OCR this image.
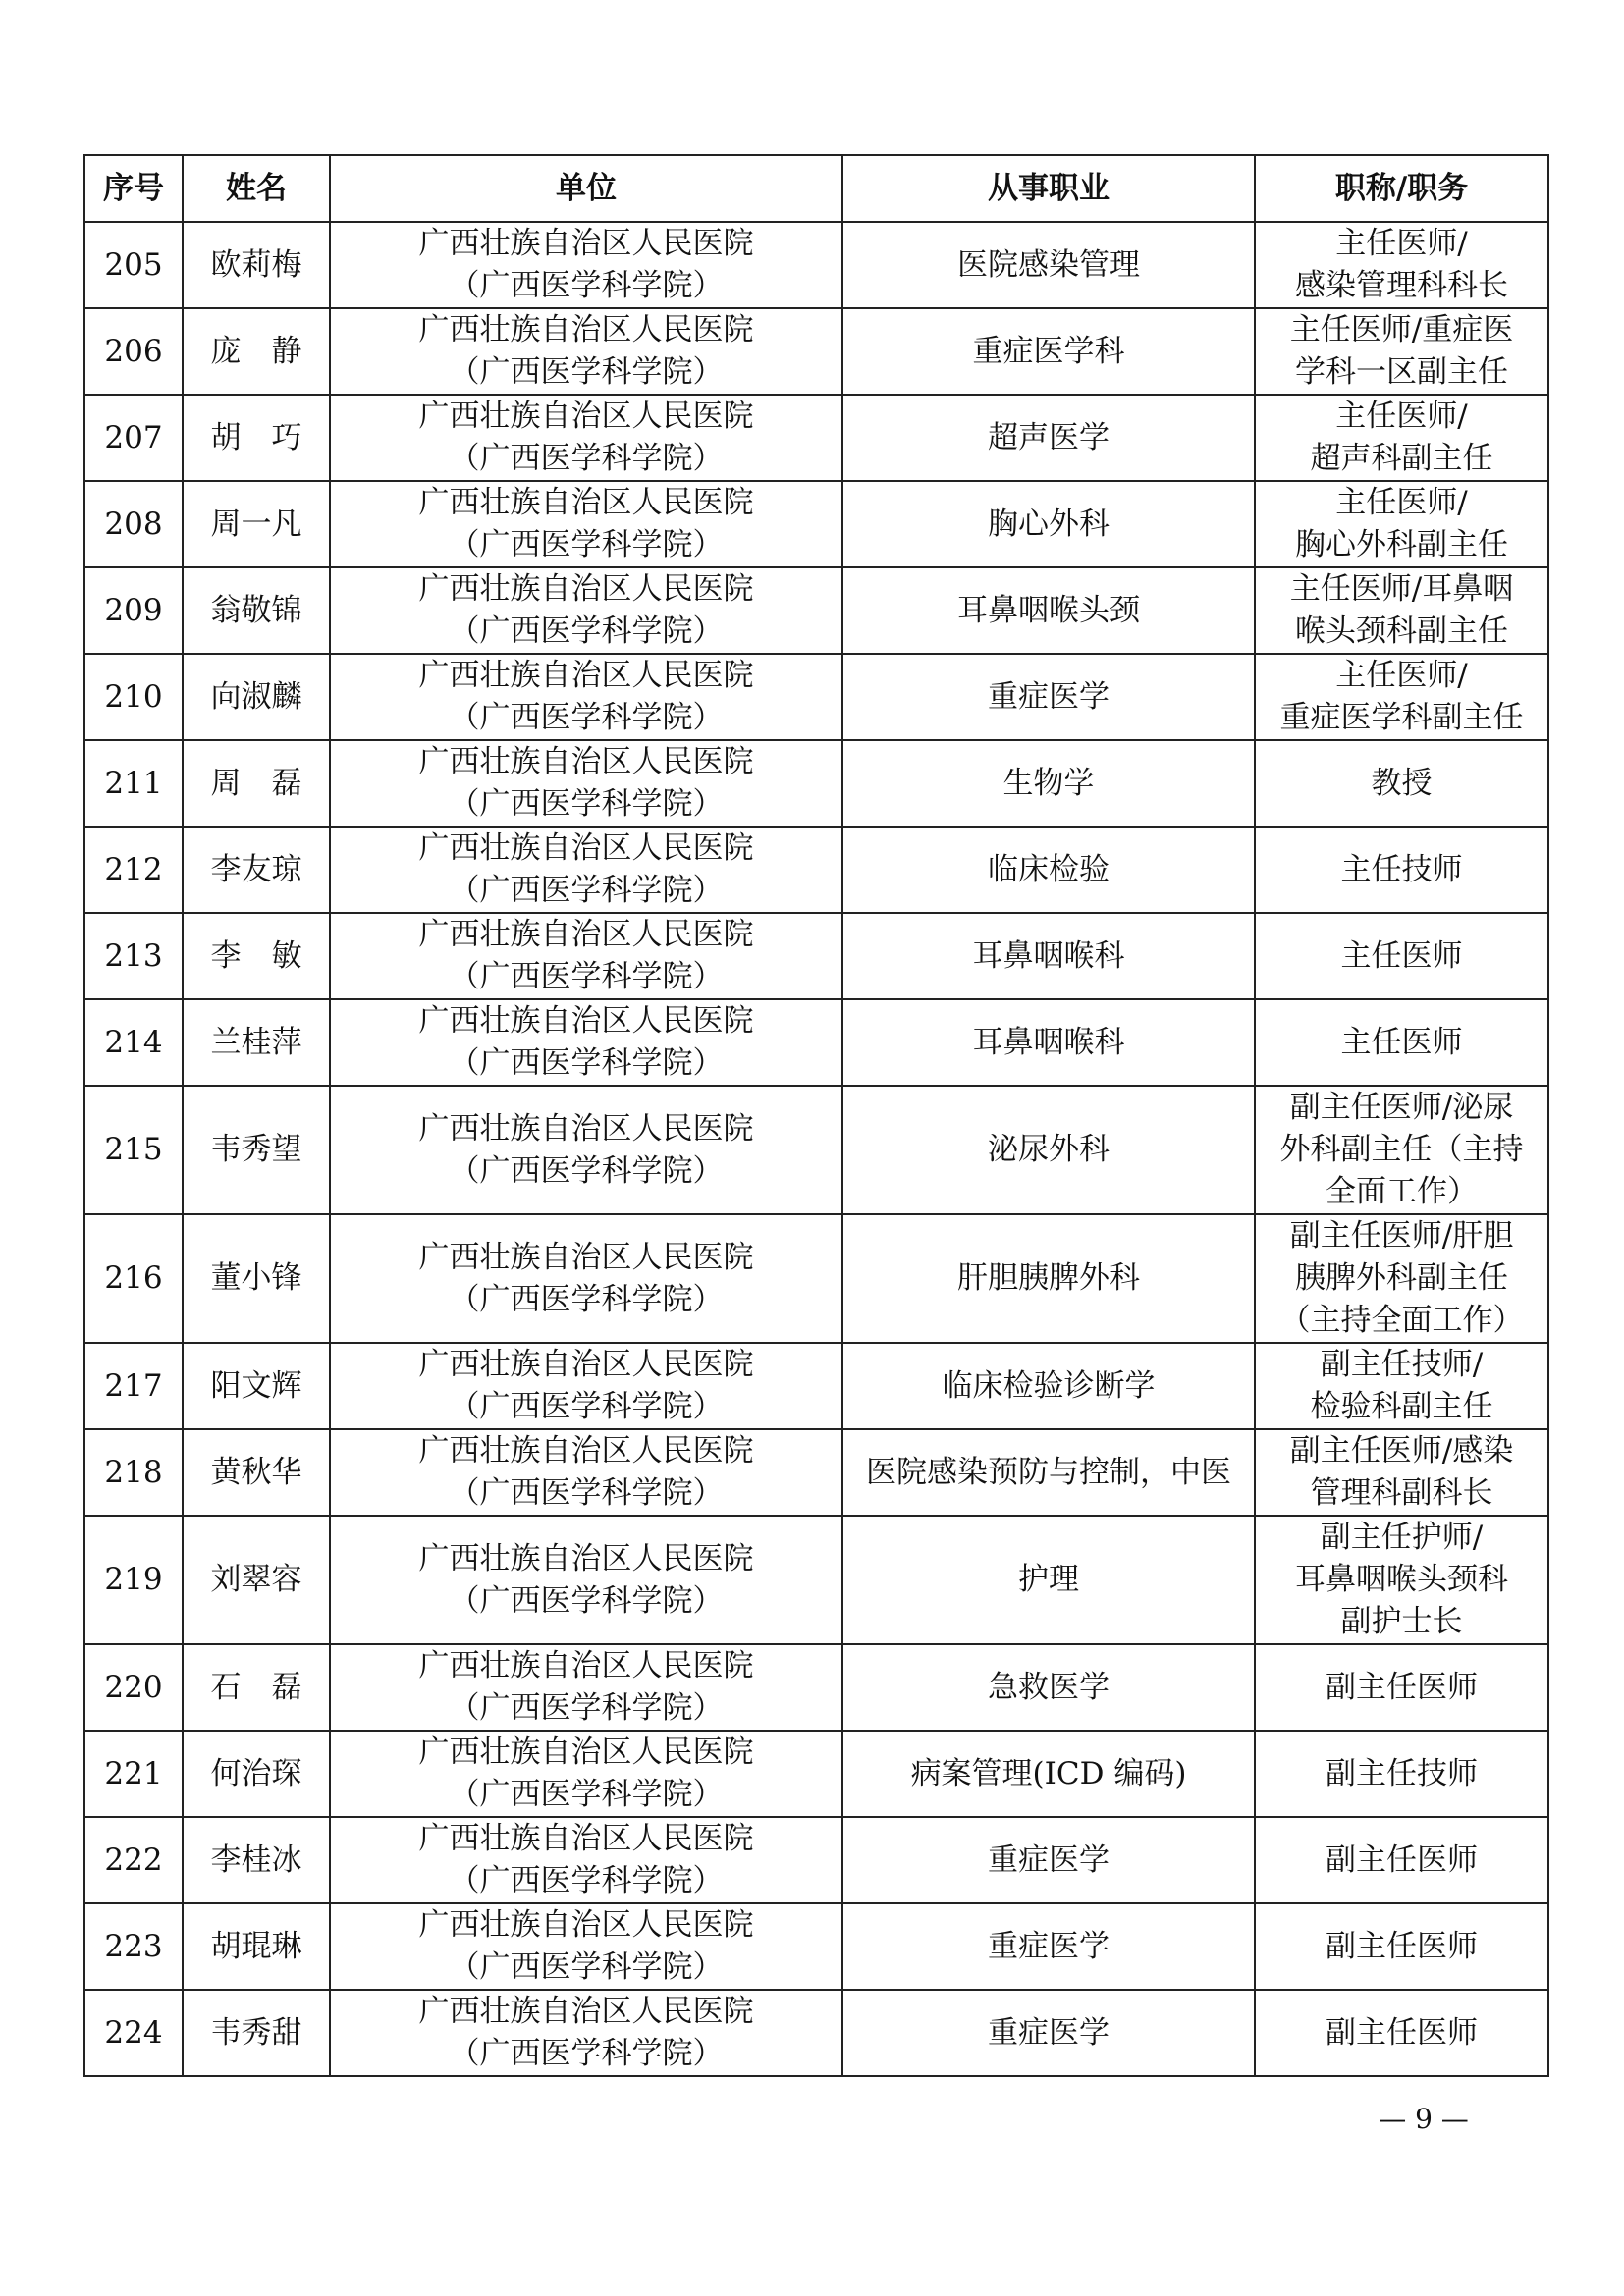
序号	姓名	单位	从事职业	职称/职务

205	欧莉梅	广西壮族自治区人民医院
（广西医学科学院）	医院感染管理	主任医师/
感染管理科科长

206	庞　静	广西壮族自治区人民医院
（广西医学科学院）	重症医学科	主任医师/重症医
学科一区副主任

207	胡　巧	广西壮族自治区人民医院
（广西医学科学院）	超声医学	主任医师/
超声科副主任

208	周一凡	广西壮族自治区人民医院
（广西医学科学院）	胸心外科	主任医师/
胸心外科副主任

209	翁敬锦	广西壮族自治区人民医院
（广西医学科学院）	耳鼻咽喉头颈	主任医师/耳鼻咽
喉头颈科副主任

210	向淑麟	广西壮族自治区人民医院
（广西医学科学院）	重症医学	主任医师/
重症医学科副主任

211	周　磊	广西壮族自治区人民医院
（广西医学科学院）	生物学	教授

212	李友琼	广西壮族自治区人民医院
（广西医学科学院）	临床检验	主任技师

213	李　敏	广西壮族自治区人民医院
（广西医学科学院）	耳鼻咽喉科	主任医师

214	兰桂萍	广西壮族自治区人民医院
（广西医学科学院）	耳鼻咽喉科	主任医师

215	韦秀望	广西壮族自治区人民医院
（广西医学科学院）	泌尿外科	副主任医师/泌尿
外科副主任（主持
全面工作）

216	董小锋	广西壮族自治区人民医院
（广西医学科学院）	肝胆胰脾外科	副主任医师/肝胆
胰脾外科副主任
（主持全面工作）

217	阳文辉	广西壮族自治区人民医院
（广西医学科学院）	临床检验诊断学	副主任技师/
检验科副主任

218	黄秋华	广西壮族自治区人民医院
（广西医学科学院）	医院感染预防与控制，中医	副主任医师/感染
管理科副科长

219	刘翠容	广西壮族自治区人民医院
（广西医学科学院）	护理	副主任护师/
耳鼻咽喉头颈科
副护士长

220	石　磊	广西壮族自治区人民医院
（广西医学科学院）	急救医学	副主任医师

221	何治琛	广西壮族自治区人民医院
（广西医学科学院）	病案管理(ICD 编码)	副主任技师

222	李桂冰	广西壮族自治区人民医院
（广西医学科学院）	重症医学	副主任医师

223	胡琨琳	广西壮族自治区人民医院
（广西医学科学院）	重症医学	副主任医师

224	韦秀甜	广西壮族自治区人民医院
（广西医学科学院）	重症医学	副主任医师
— 9 —
